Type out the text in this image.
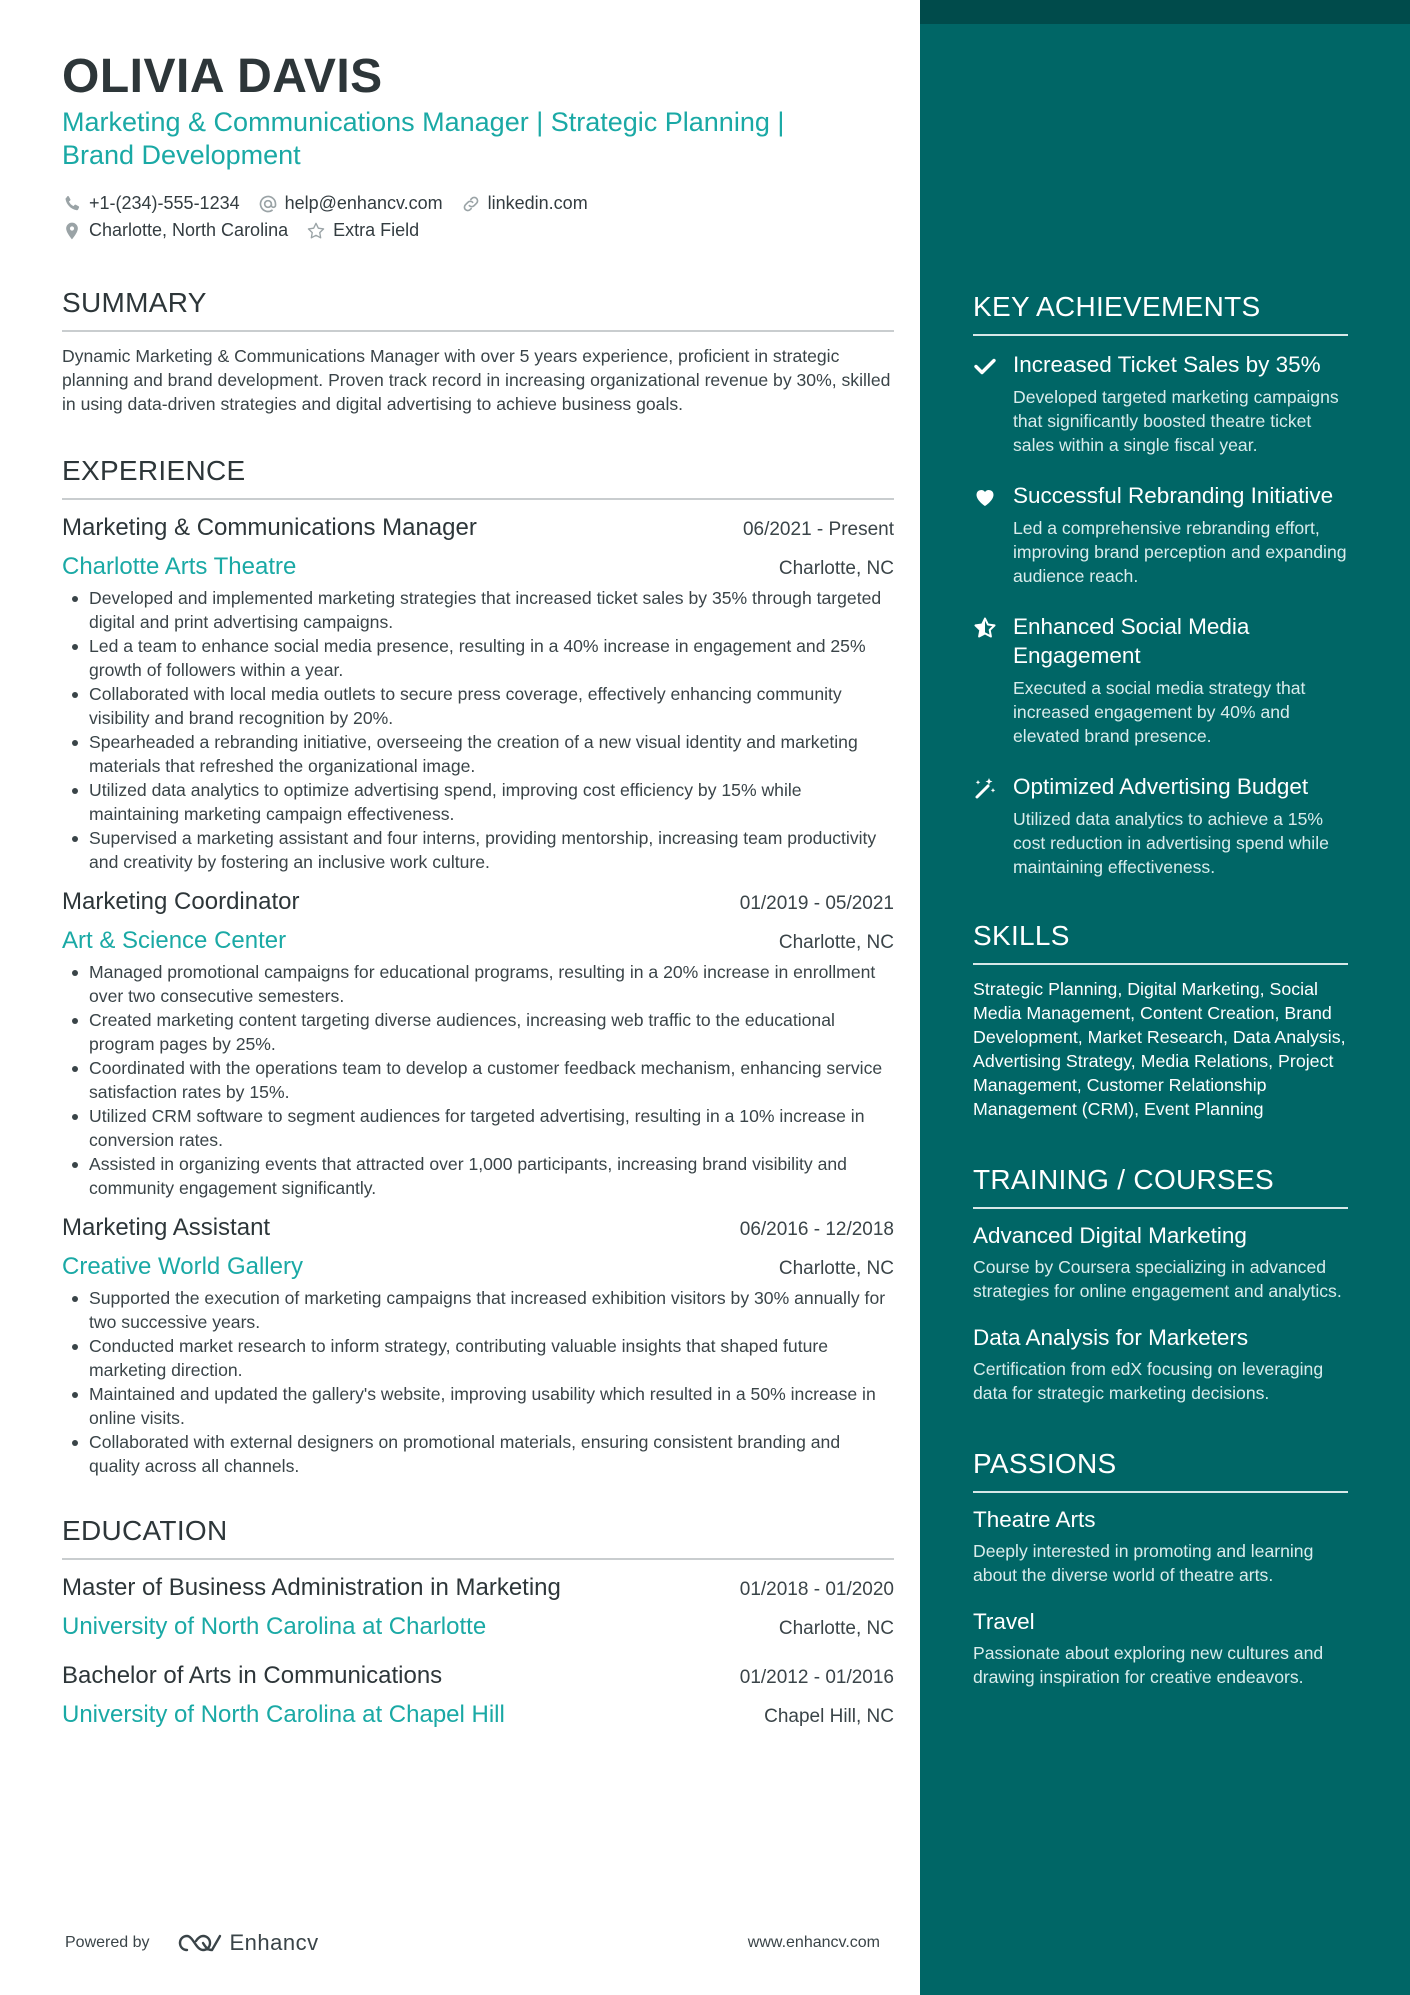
OLIVIA DAVIS
Marketing & Communications Manager | Strategic Planning | Brand Development
+1-(234)-555-1234	help@enhancv.com	linkedin.com
Charlotte, North Carolina	Extra Field
SUMMARY

Dynamic Marketing & Communications Manager with over 5 years experience, proficient in strategic planning and brand development. Proven track record in increasing organizational revenue by 30%, skilled in using data-driven strategies and digital advertising to achieve business goals.

EXPERIENCE
Marketing & Communications Manager	06/2021 - Present
Charlotte Arts Theatre	Charlotte, NC
Developed and implemented marketing strategies that increased ticket sales by 35% through targeted digital and print advertising campaigns.
Led a team to enhance social media presence, resulting in a 40% increase in engagement and 25% growth of followers within a year.
Collaborated with local media outlets to secure press coverage, effectively enhancing community visibility and brand recognition by 20%.
Spearheaded a rebranding initiative, overseeing the creation of a new visual identity and marketing materials that refreshed the organizational image.
Utilized data analytics to optimize advertising spend, improving cost efficiency by 15% while maintaining marketing campaign effectiveness.
Supervised a marketing assistant and four interns, providing mentorship, increasing team productivity and creativity by fostering an inclusive work culture.
Marketing Coordinator	01/2019 - 05/2021
Art & Science Center	Charlotte, NC
Managed promotional campaigns for educational programs, resulting in a 20% increase in enrollment over two consecutive semesters.
Created marketing content targeting diverse audiences, increasing web traffic to the educational program pages by 25%.
Coordinated with the operations team to develop a customer feedback mechanism, enhancing service satisfaction rates by 15%.
Utilized CRM software to segment audiences for targeted advertising, resulting in a 10% increase in conversion rates.
Assisted in organizing events that attracted over 1,000 participants, increasing brand visibility and community engagement significantly.
Marketing Assistant	06/2016 - 12/2018
Creative World Gallery	Charlotte, NC
Supported the execution of marketing campaigns that increased exhibition visitors by 30% annually for two successive years.
Conducted market research to inform strategy, contributing valuable insights that shaped future marketing direction.
Maintained and updated the gallery's website, improving usability which resulted in a 50% increase in online visits.
Collaborated with external designers on promotional materials, ensuring consistent branding and quality across all channels.
EDUCATION
Master of Business Administration in Marketing	01/2018 - 01/2020
University of North Carolina at Charlotte	Charlotte, NC
Bachelor of Arts in Communications	01/2012 - 01/2016
University of North Carolina at Chapel Hill	Chapel Hill, NC
Powered by	Enhancv	www.enhancv.com
KEY ACHIEVEMENTS
Increased Ticket Sales by 35%
Developed targeted marketing campaigns that significantly boosted theatre ticket sales within a single fiscal year.
Successful Rebranding Initiative
Led a comprehensive rebranding effort, improving brand perception and expanding audience reach.
Enhanced Social Media Engagement
Executed a social media strategy that increased engagement by 40% and elevated brand presence.
Optimized Advertising Budget
Utilized data analytics to achieve a 15% cost reduction in advertising spend while maintaining effectiveness.
SKILLS

Strategic Planning, Digital Marketing, Social Media Management, Content Creation, Brand Development, Market Research, Data Analysis, Advertising Strategy, Media Relations, Project Management, Customer Relationship Management (CRM), Event Planning

TRAINING / COURSES
Advanced Digital Marketing
Course by Coursera specializing in advanced strategies for online engagement and analytics.
Data Analysis for Marketers
Certification from edX focusing on leveraging data for strategic marketing decisions.
PASSIONS
Theatre Arts
Deeply interested in promoting and learning about the diverse world of theatre arts.
Travel
Passionate about exploring new cultures and drawing inspiration for creative endeavors.
